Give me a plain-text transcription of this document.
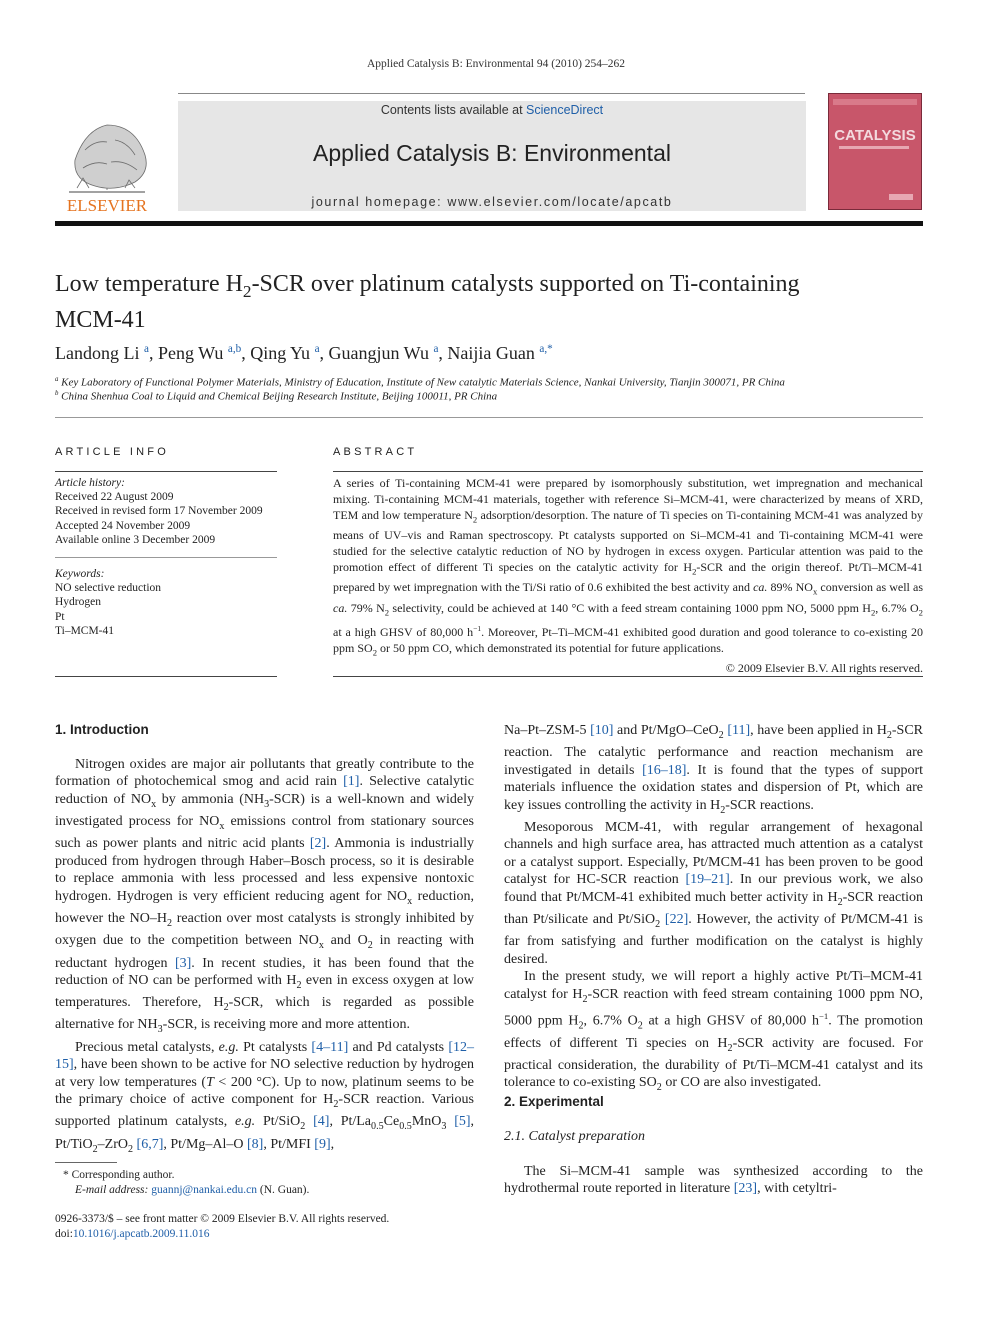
Applied Catalysis B: Environmental 94 (2010) 254–262
ELSEVIER
Contents lists available at ScienceDirect
Applied Catalysis B: Environmental
journal homepage: www.elsevier.com/locate/apcatb
CATALYSIS
Low temperature $H_2$-SCR over platinum catalysts supported on Ti-containing
MCM-41
Landong Li $^a$, Peng Wu $^{a,b}$, Qing Yu $^a$, Guangjun Wu $^a$, Naijia Guan $^{a,*}$
$^a$ Key Laboratory of Functional Polymer Materials, Ministry of Education, Institute of New catalytic Materials Science, Nankai University, Tianjin 300071, PR China
$^b$ China Shenhua Coal to Liquid and Chemical Beijing Research Institute, Beijing 100011, PR China
ARTICLE INFO
Article history:
Received 22 August 2009
Received in revised form 17 November 2009
Accepted 24 November 2009
Available online 3 December 2009
Keywords:
NO selective reduction
Hydrogen
Pt
Ti–MCM-41
ABSTRACT
A series of Ti-containing MCM-41 were prepared by isomorphously substitution, wet impregnation and mechanical mixing. Ti-containing MCM-41 materials, together with reference Si–MCM-41, were characterized by means of XRD, TEM and low temperature $N_2$ adsorption/desorption. The nature of Ti species on Ti-containing MCM-41 was analyzed by means of UV–vis and Raman spectroscopy. Pt catalysts supported on Si–MCM-41 and Ti-containing MCM-41 were studied for the selective catalytic reduction of NO by hydrogen in excess oxygen. Particular attention was paid to the promotion effect of different Ti species on the catalytic activity for $H_2$-SCR and the origin thereof. Pt/Ti–MCM-41 prepared by wet impregnation with the Ti/Si ratio of 0.6 exhibited the best activity and ca. 89% $NO_x$ conversion as well as ca. 79% $N_2$ selectivity, could be achieved at 140 °C with a feed stream containing 1000 ppm NO, 5000 ppm $H_2$, 6.7% $O_2$ at a high GHSV of 80,000 $h^{-1}$. Moreover, Pt–Ti–MCM-41 exhibited good duration and good tolerance to co-existing 20 ppm $SO_2$ or 50 ppm CO, which demonstrated its potential for future applications.
© 2009 Elsevier B.V. All rights reserved.
1. Introduction

Nitrogen oxides are major air pollutants that greatly contribute to the formation of photochemical smog and acid rain [1]. Selective catalytic reduction of $NO_x$ by ammonia $(NH_3-SCR)$ is a well-known and widely investigated process for $NO_x$ emissions control from stationary sources such as power plants and nitric acid plants [2]. Ammonia is industrially produced from hydrogen through Haber–Bosch process, so it is desirable to replace ammonia with less processed and less expensive nontoxic hydrogen. Hydrogen is very efficient reducing agent for $NO_x$ reduction, however the $NO-H_2$ reaction over most catalysts is strongly inhibited by oxygen due to the competition between $NO_x$ and $O_2$ in reacting with reductant hydrogen [3]. In recent studies, it has been found that the reduction of NO can be performed with $H_2$ even in excess oxygen at low temperatures. Therefore, $H_2$-SCR, which is regarded as possible alternative for $NH_3$-SCR, is receiving more and more attention.

Precious metal catalysts, e.g. Pt catalysts [4–11] and Pd catalysts [12–15], have been shown to be active for NO selective reduction by hydrogen at very low temperatures (T < 200 °C). Up to now, platinum seems to be the primary choice of active component for $H_2$-SCR reaction. Various supported platinum catalysts, e.g. Pt/SiO$_2$ [4], $Pt/La_{0.5}Ce_{0.5}MnO_3$ [5], Pt/TiO$_2$–ZrO$_2$ [6,7], Pt/Mg–Al–O [8], Pt/MFI [9],

* Corresponding author.
E-mail address: guannj@nankai.edu.cn (N. Guan).
0926-3373/$ – see front matter © 2009 Elsevier B.V. All rights reserved.
doi:10.1016/j.apcatb.2009.11.016

Na–Pt–ZSM-5 [10] and Pt/MgO–CeO$_2$ [11], have been applied in $H_2$-SCR reaction. The catalytic performance and reaction mechanism are investigated in details [16–18]. It is found that the types of support materials influence the oxidation states and dispersion of Pt, which are key issues controlling the activity in $H_2$-SCR reactions.

Mesoporous MCM-41, with regular arrangement of hexagonal channels and high surface area, has attracted much attention as a catalyst or a catalyst support. Especially, Pt/MCM-41 has been proven to be good catalyst for HC-SCR reaction [19–21]. In our previous work, we also found that Pt/MCM-41 exhibited much better activity in $H_2$-SCR reaction than Pt/silicate and Pt/SiO$_2$ [22]. However, the activity of Pt/MCM-41 is far from satisfying and further modification on the catalyst is highly desired.

In the present study, we will report a highly active Pt/Ti–MCM-41 catalyst for $H_2$-SCR reaction with feed stream containing 1000 ppm NO, 5000 ppm $H_2$, 6.7% $O_2$ at a high GHSV of 80,000 $h^{-1}$. The promotion effects of different Ti species on $H_2$-SCR activity are focused. For practical consideration, the durability of Pt/Ti–MCM-41 catalyst and its tolerance to co-existing $SO_2$ or CO are also investigated.

2. Experimental
2.1. Catalyst preparation

The Si–MCM-41 sample was synthesized according to the hydrothermal route reported in literature [23], with cetyltri-
